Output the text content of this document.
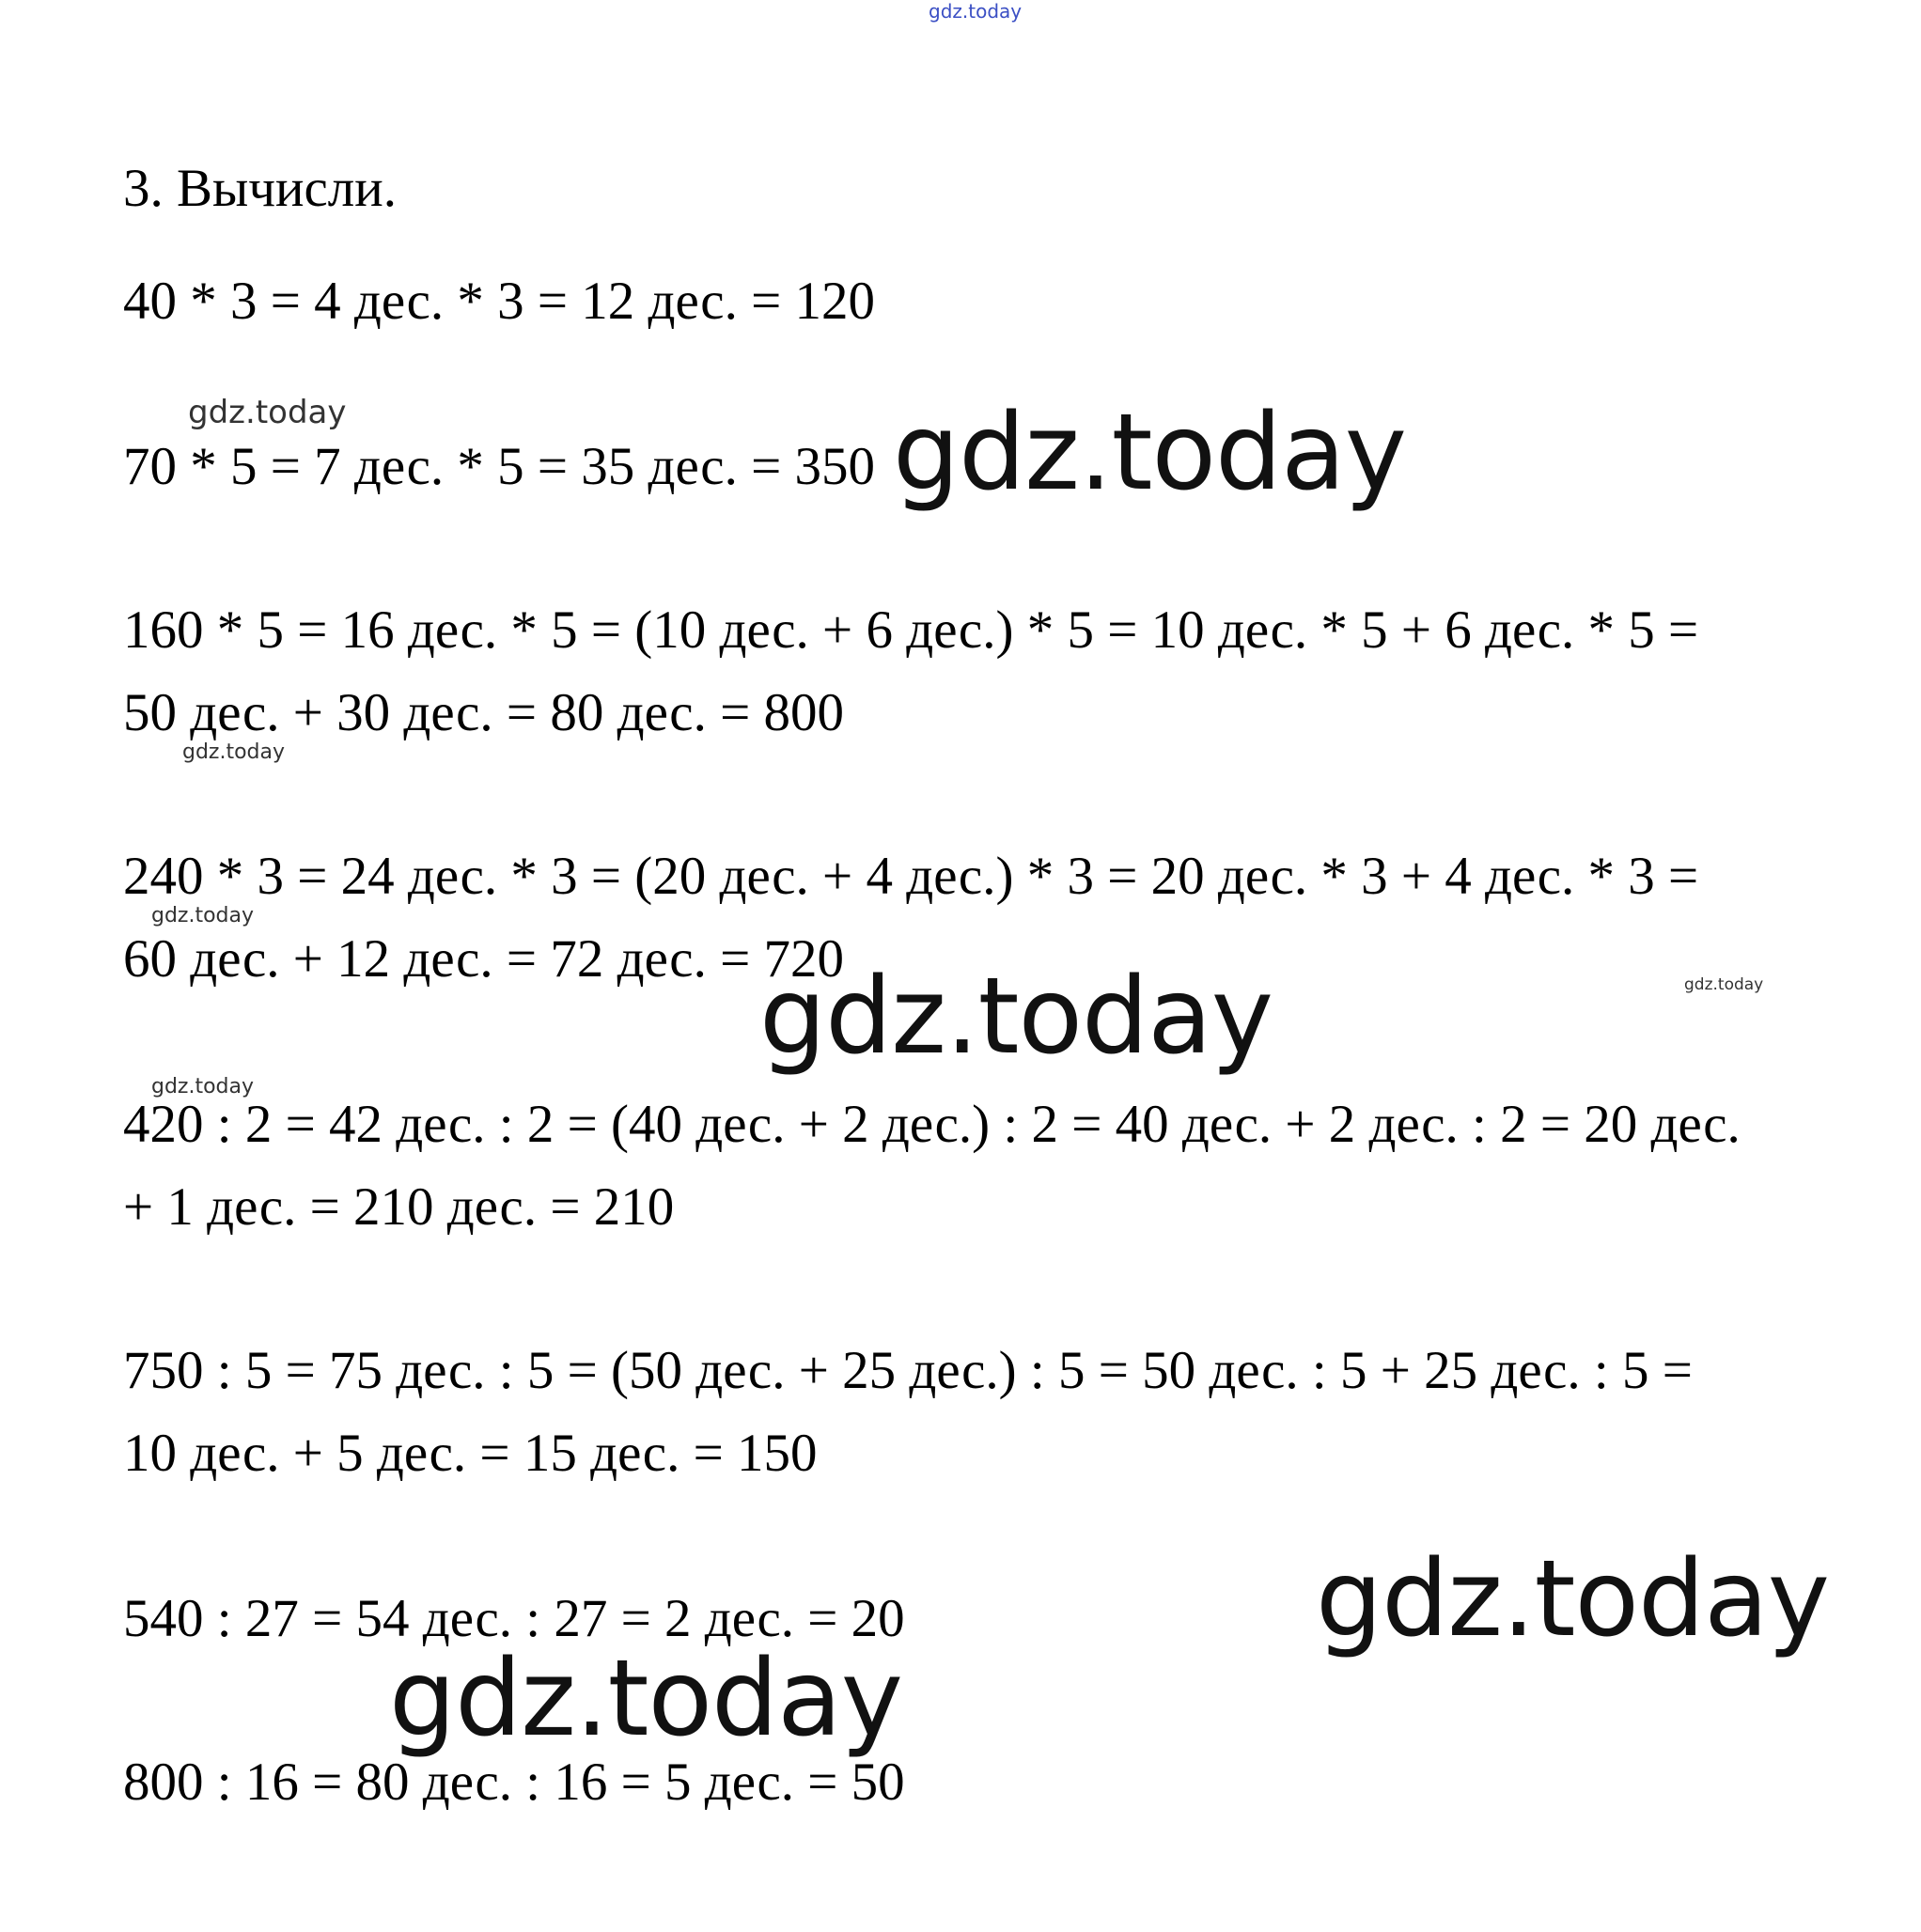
gdz.today
3. Вычисли.
40 * 3 = 4 дес. * 3 = 12 дес. = 120
gdz.today
70 * 5 = 7 дес. * 5 = 35 дес. = 350 gdz.today
160 * 5 = 16 дес. * 5 = (10 дес. + 6 дес.) * 5 = 10 дес. * 5 + 6 дес. * 5 =
50 дес. + 30 дес. = 80 дес. = 800
gdz.today
240 * 3 = 24 дес. * 3 = (20 дес. + 4 дес.) * 3 = 20 дес. * 3 + 4 дес. * 3 =
gdz.today
60 дес. + 12 дес. = 72 дес. = 720	gdz.today
gdz.today
gdz.today
420 : 2 = 42 дес. : 2 = (40 дес. + 2 дес.) : 2 = 40 дес. + 2 дес. : 2 = 20 дес.
+ 1 дес. = 210 дес. = 210
750 : 5 = 75 дес. : 5 = (50 дес. + 25 дес.) : 5 = 50 дес. : 5 + 25 дес. : 5 =
10 дес. + 5 дес. = 15 дес. = 150
540 : 27 = 54 дес. : 27 = 2 дес. = 20	gdz.today
gdz.today
800 : 16 = 80 дес. : 16 = 5 дес. = 50
